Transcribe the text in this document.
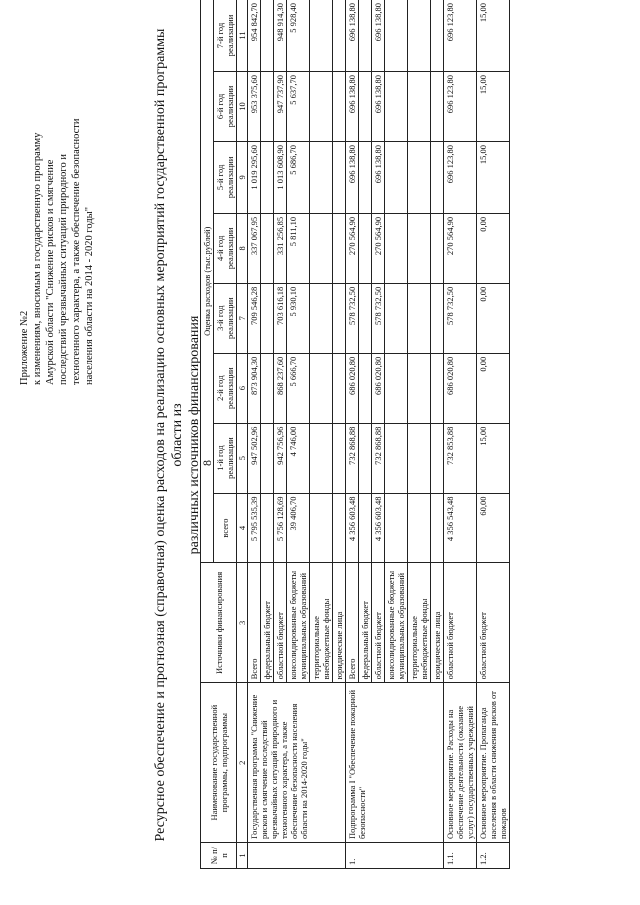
8
Приложение №2 к изменениям, вносимым в государственную программу Амурской области "Снижение рисков и смягчение последствий чрезвычайных ситуаций природного и техногенного характера, а также обеспечение безопасности населения области на 2014 - 2020 годы"	Ресурсное обеспечение и прогнозная (справочная) оценка расходов на реализацию основных мероприятий государственной программы области из различных источников финансирования
№ п/п	Наименование государственной программы, подпрограммы	Источники финансирования	Оценка расходов (тыс.рублей)							
			всего	1-й год реализации	2-й год реализации	3-й год реализации	4-й год реализации	5-й год реализации	6-й год реализации	7-й год реализации
1	2	3	4	5	6	7	8	9	10	11
	Государственная программа "Снижение рисков и смягчение последствий чрезвычайных ситуаций природного и техногенного характера, а также обеспечение безопасности населения области на 2014-2020 годы"	Всего	5 795 535,39	947 502,96	873 904,30	709 546,28	337 067,95	1 019 295,60	953 375,60	954 842,70
		федеральный бюджет								
		областной бюджет	5 756 128,69	942 756,96	868 237,60	703 616,18	331 256,85	1 013 608,90	947 737,90	948 914,30
		консолидированные бюджеты муниципальных образований	39 406,70	4 746,00	5 666,70	5 930,10	5 811,10	5 686,70	5 637,70	5 928,40
		территориальные внебюджетные фонды								
		юридические лица								
1.	Подпрограмма I "Обеспечение пожарной безопасности"	Всего	4 356 603,48	732 868,88	686 020,80	578 732,50	270 564,90	696 138,80	696 138,80	696 138,80
		федеральный бюджет								
		областной бюджет	4 356 603,48	732 868,88	686 020,80	578 732,50	270 564,90	696 138,80	696 138,80	696 138,80
		консолидированные бюджеты муниципальных образований								
		территориальные внебюджетные фонды								
		юридические лица								
1.1.	Основное мероприятие. Расходы на обеспечение деятельности (оказание услуг) государственных учреждений	областной бюджет	4 356 543,48	732 853,88	686 020,80	578 732,50	270 564,90	696 123,80	696 123,80	696 123,80
1.2.	Основное мероприятие. Пропаганда населения в области снижения рисков от пожаров	областной бюджет	60,00	15,00	0,00	0,00	0,00	15,00	15,00	15,00
